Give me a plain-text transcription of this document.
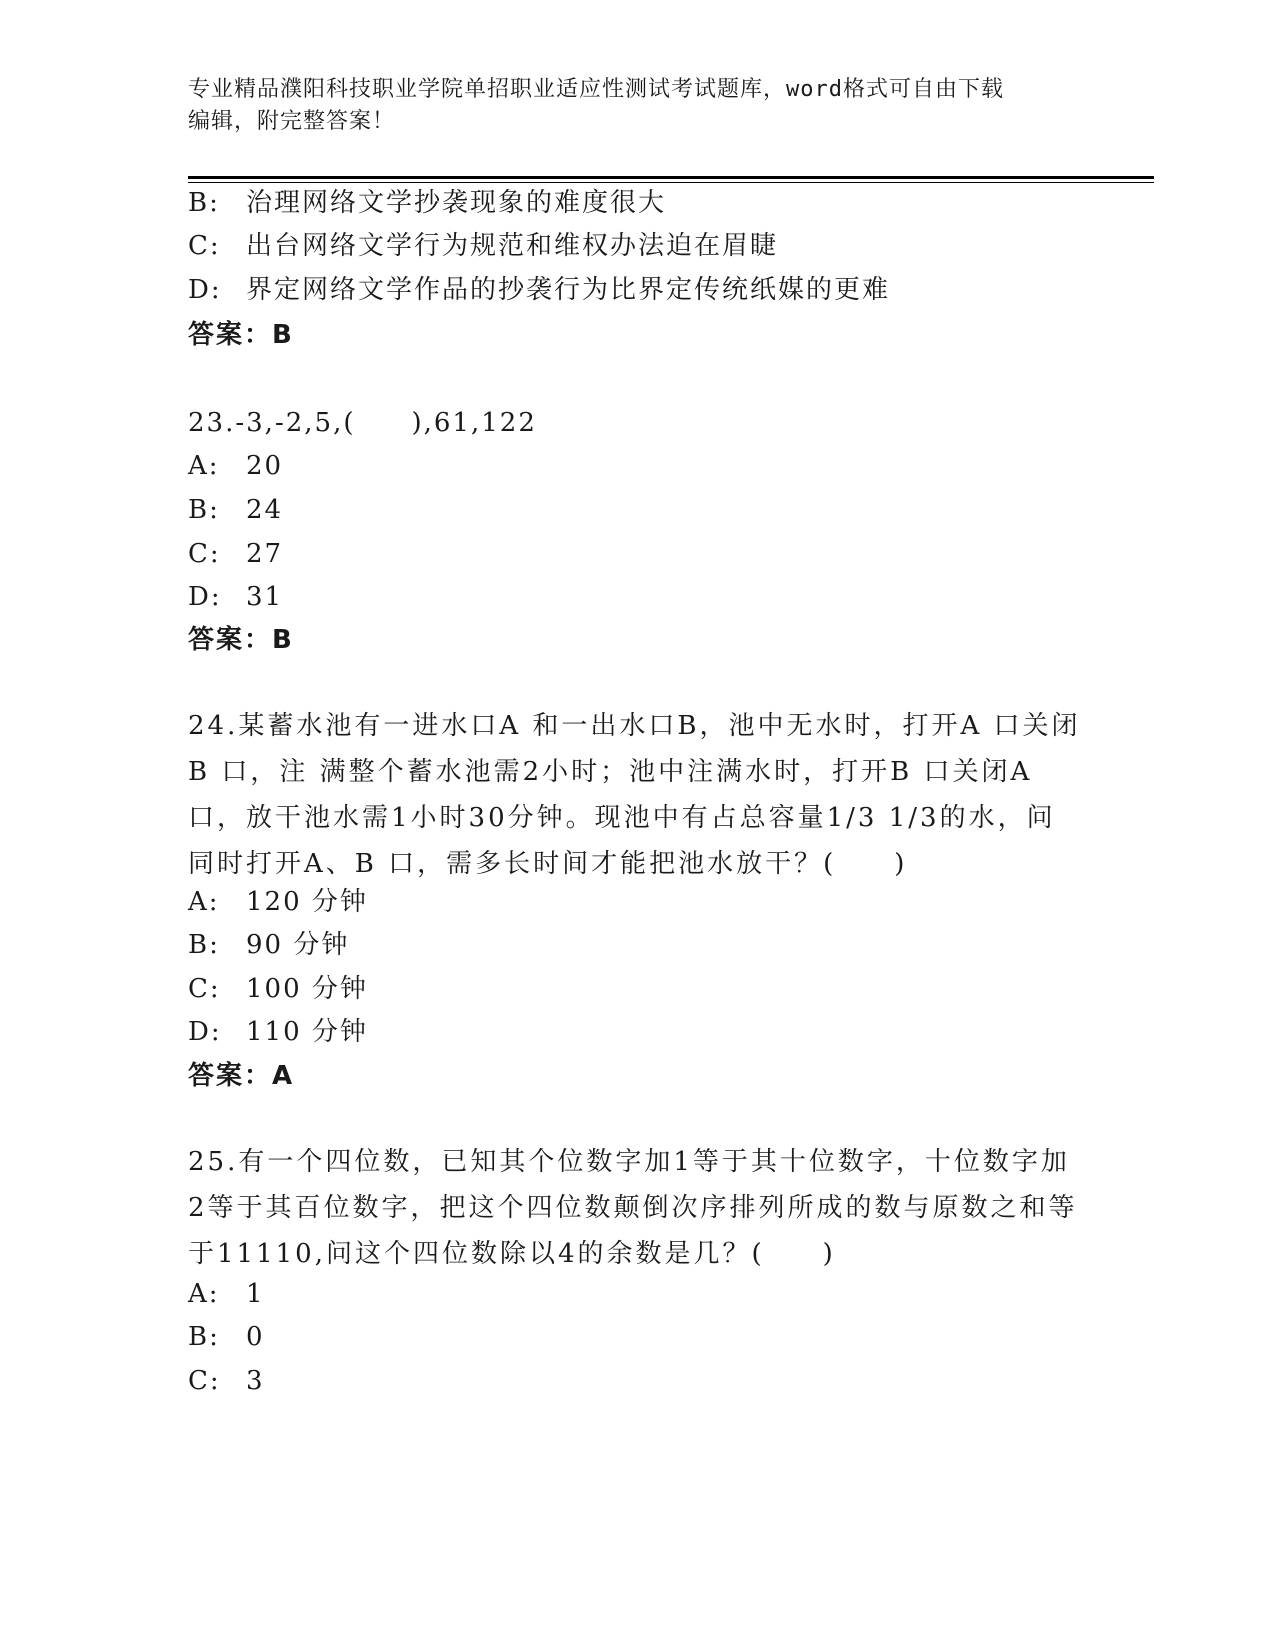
专业精品濮阳科技职业学院单招职业适应性测试考试题库，word格式可自由下载
编辑，附完整答案！
B: 治理网络文学抄袭现象的难度很大
C: 出台网络文学行为规范和维权办法迫在眉睫
D: 界定网络文学作品的抄袭行为比界定传统纸媒的更难
答案：B
23.-3,-2,5,(　　),61,122
A: 20
B: 24
C: 27
D: 31
答案：B
24.某蓄水池有一进水口A 和一出水口B，池中无水时，打开A 口关闭
B 口，注 满整个蓄水池需2小时；池中注满水时，打开B 口关闭A
口，放干池水需1小时30分钟。现池中有占总容量1/3 1/3的水，问
同时打开A、B 口，需多长时间才能把池水放干？(　　)
A: 120 分钟
B: 90 分钟
C: 100 分钟
D: 110 分钟
答案：A
25.有一个四位数，已知其个位数字加1等于其十位数字，十位数字加
2等于其百位数字，把这个四位数颠倒次序排列所成的数与原数之和等
于11110,问这个四位数除以4的余数是几？(　　)
A: 1
B: 0
C: 3
